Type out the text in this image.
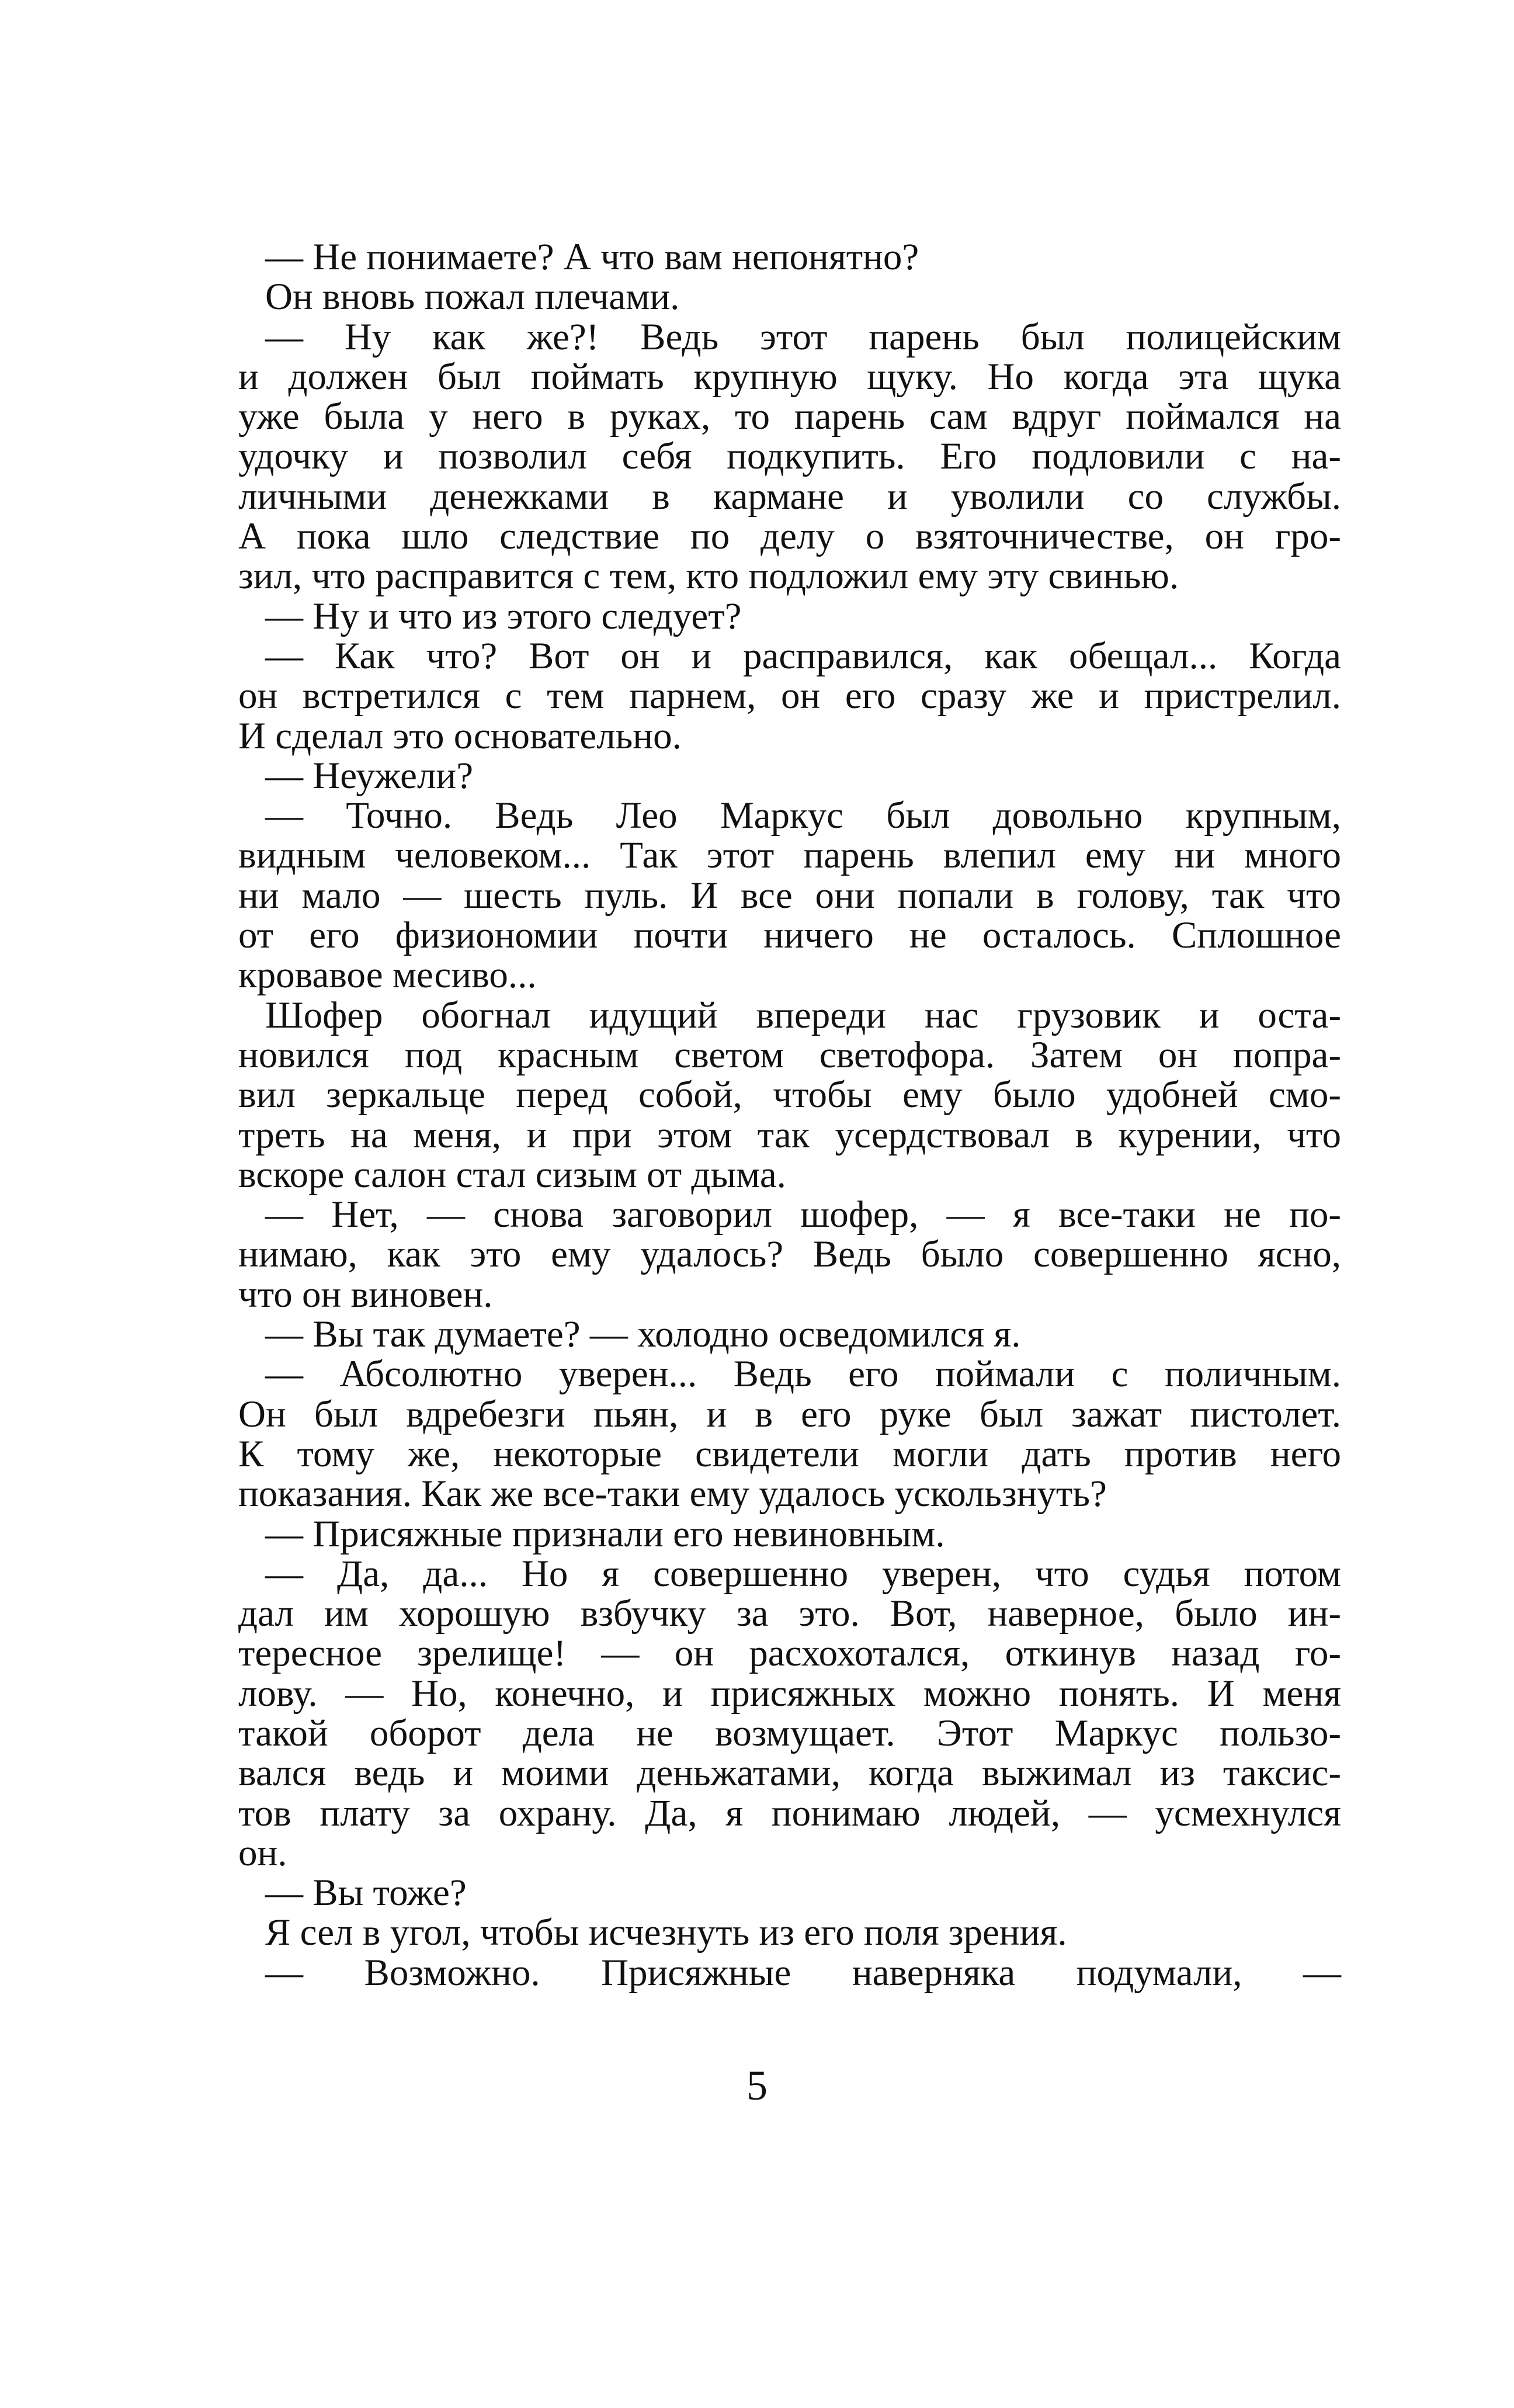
— Не понимаете? А что вам непонятно?
Он вновь пожал плечами.
— Ну как же?! Ведь этот парень был полицейским
и должен был поймать крупную щуку. Но когда эта щука
уже была у него в руках, то парень сам вдруг поймался на
удочку и позволил себя подкупить. Его подловили с на-
личными денежками в кармане и уволили со службы.
А пока шло следствие по делу о взяточничестве, он гро-
зил, что расправится с тем, кто подложил ему эту свинью.
— Ну и что из этого следует?
— Как что? Вот он и расправился, как обещал... Когда
он встретился с тем парнем, он его сразу же и пристрелил.
И сделал это основательно.
— Неужели?
— Точно. Ведь Лео Маркус был довольно крупным,
видным человеком... Так этот парень влепил ему ни много
ни мало — шесть пуль. И все они попали в голову, так что
от его физиономии почти ничего не осталось. Сплошное
кровавое месиво...
Шофер обогнал идущий впереди нас грузовик и оста-
новился под красным светом светофора. Затем он попра-
вил зеркальце перед собой, чтобы ему было удобней смо-
треть на меня, и при этом так усердствовал в курении, что
вскоре салон стал сизым от дыма.
— Нет, — снова заговорил шофер, — я все-таки не по-
нимаю, как это ему удалось? Ведь было совершенно ясно,
что он виновен.
— Вы так думаете? — холодно осведомился я.
— Абсолютно уверен... Ведь его поймали с поличным.
Он был вдребезги пьян, и в его руке был зажат пистолет.
К тому же, некоторые свидетели могли дать против него
показания. Как же все-таки ему удалось ускользнуть?
— Присяжные признали его невиновным.
— Да, да... Но я совершенно уверен, что судья потом
дал им хорошую взбучку за это. Вот, наверное, было ин-
тересное зрелище! — он расхохотался, откинув назад го-
лову. — Но, конечно, и присяжных можно понять. И меня
такой оборот дела не возмущает. Этот Маркус пользо-
вался ведь и моими деньжатами, когда выжимал из таксис-
тов плату за охрану. Да, я понимаю людей, — усмехнулся
он.
— Вы тоже?
Я сел в угол, чтобы исчезнуть из его поля зрения.
— Возможно. Присяжные наверняка подумали, —
5
